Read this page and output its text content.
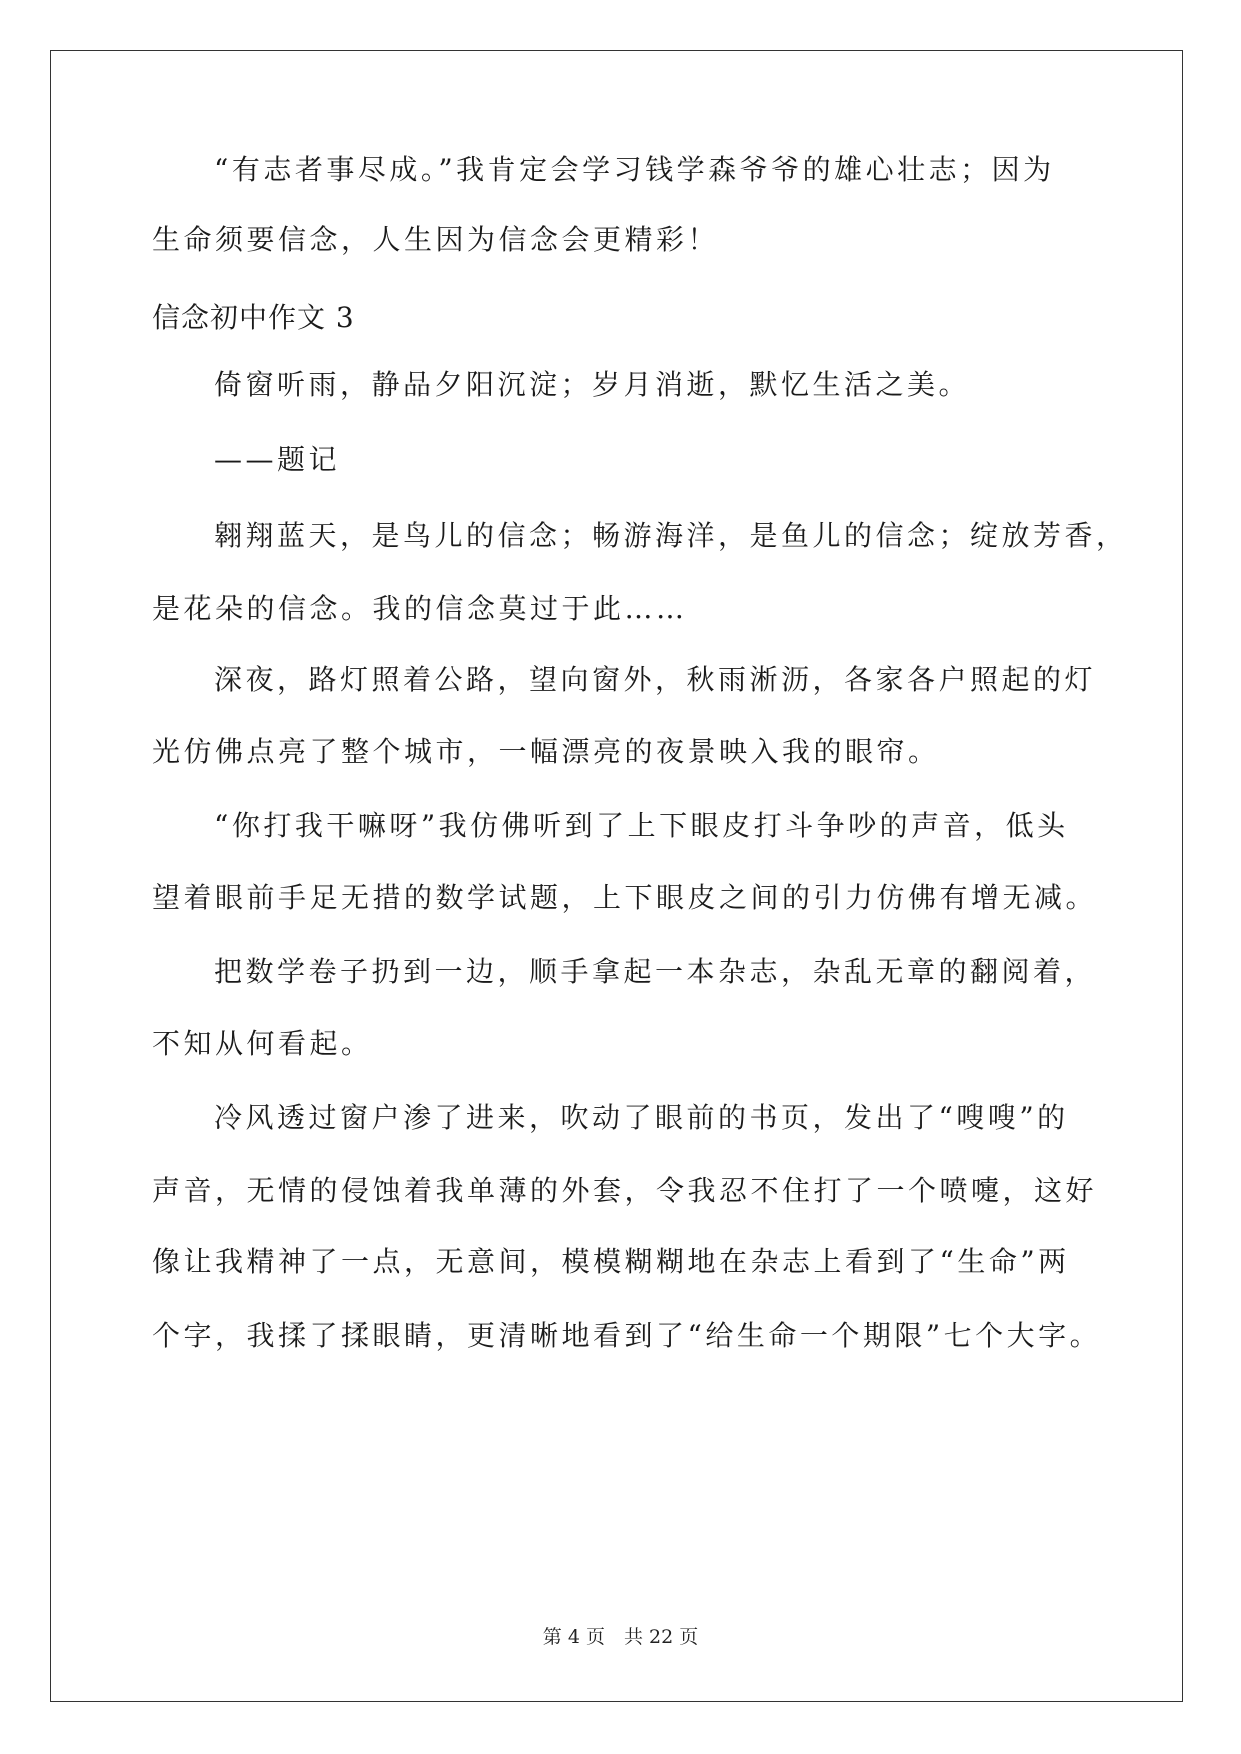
“有志者事尽成。”我肯定会学习钱学森爷爷的雄心壮志；因为
生命须要信念，人生因为信念会更精彩！
信念初中作文 3
倚窗听雨，静品夕阳沉淀；岁月消逝，默忆生活之美。
——题记
翱翔蓝天，是鸟儿的信念；畅游海洋，是鱼儿的信念；绽放芳香，
是花朵的信念。我的信念莫过于此……
深夜，路灯照着公路，望向窗外，秋雨淅沥，各家各户照起的灯
光仿佛点亮了整个城市，一幅漂亮的夜景映入我的眼帘。
“你打我干嘛呀”我仿佛听到了上下眼皮打斗争吵的声音，低头
望着眼前手足无措的数学试题，上下眼皮之间的引力仿佛有增无减。
把数学卷子扔到一边，顺手拿起一本杂志，杂乱无章的翻阅着，
不知从何看起。
冷风透过窗户渗了进来，吹动了眼前的书页，发出了“嗖嗖”的
声音，无情的侵蚀着我单薄的外套，令我忍不住打了一个喷嚏，这好
像让我精神了一点，无意间，模模糊糊地在杂志上看到了“生命”两
个字，我揉了揉眼睛，更清晰地看到了“给生命一个期限”七个大字。
第 4 页　共 22 页
